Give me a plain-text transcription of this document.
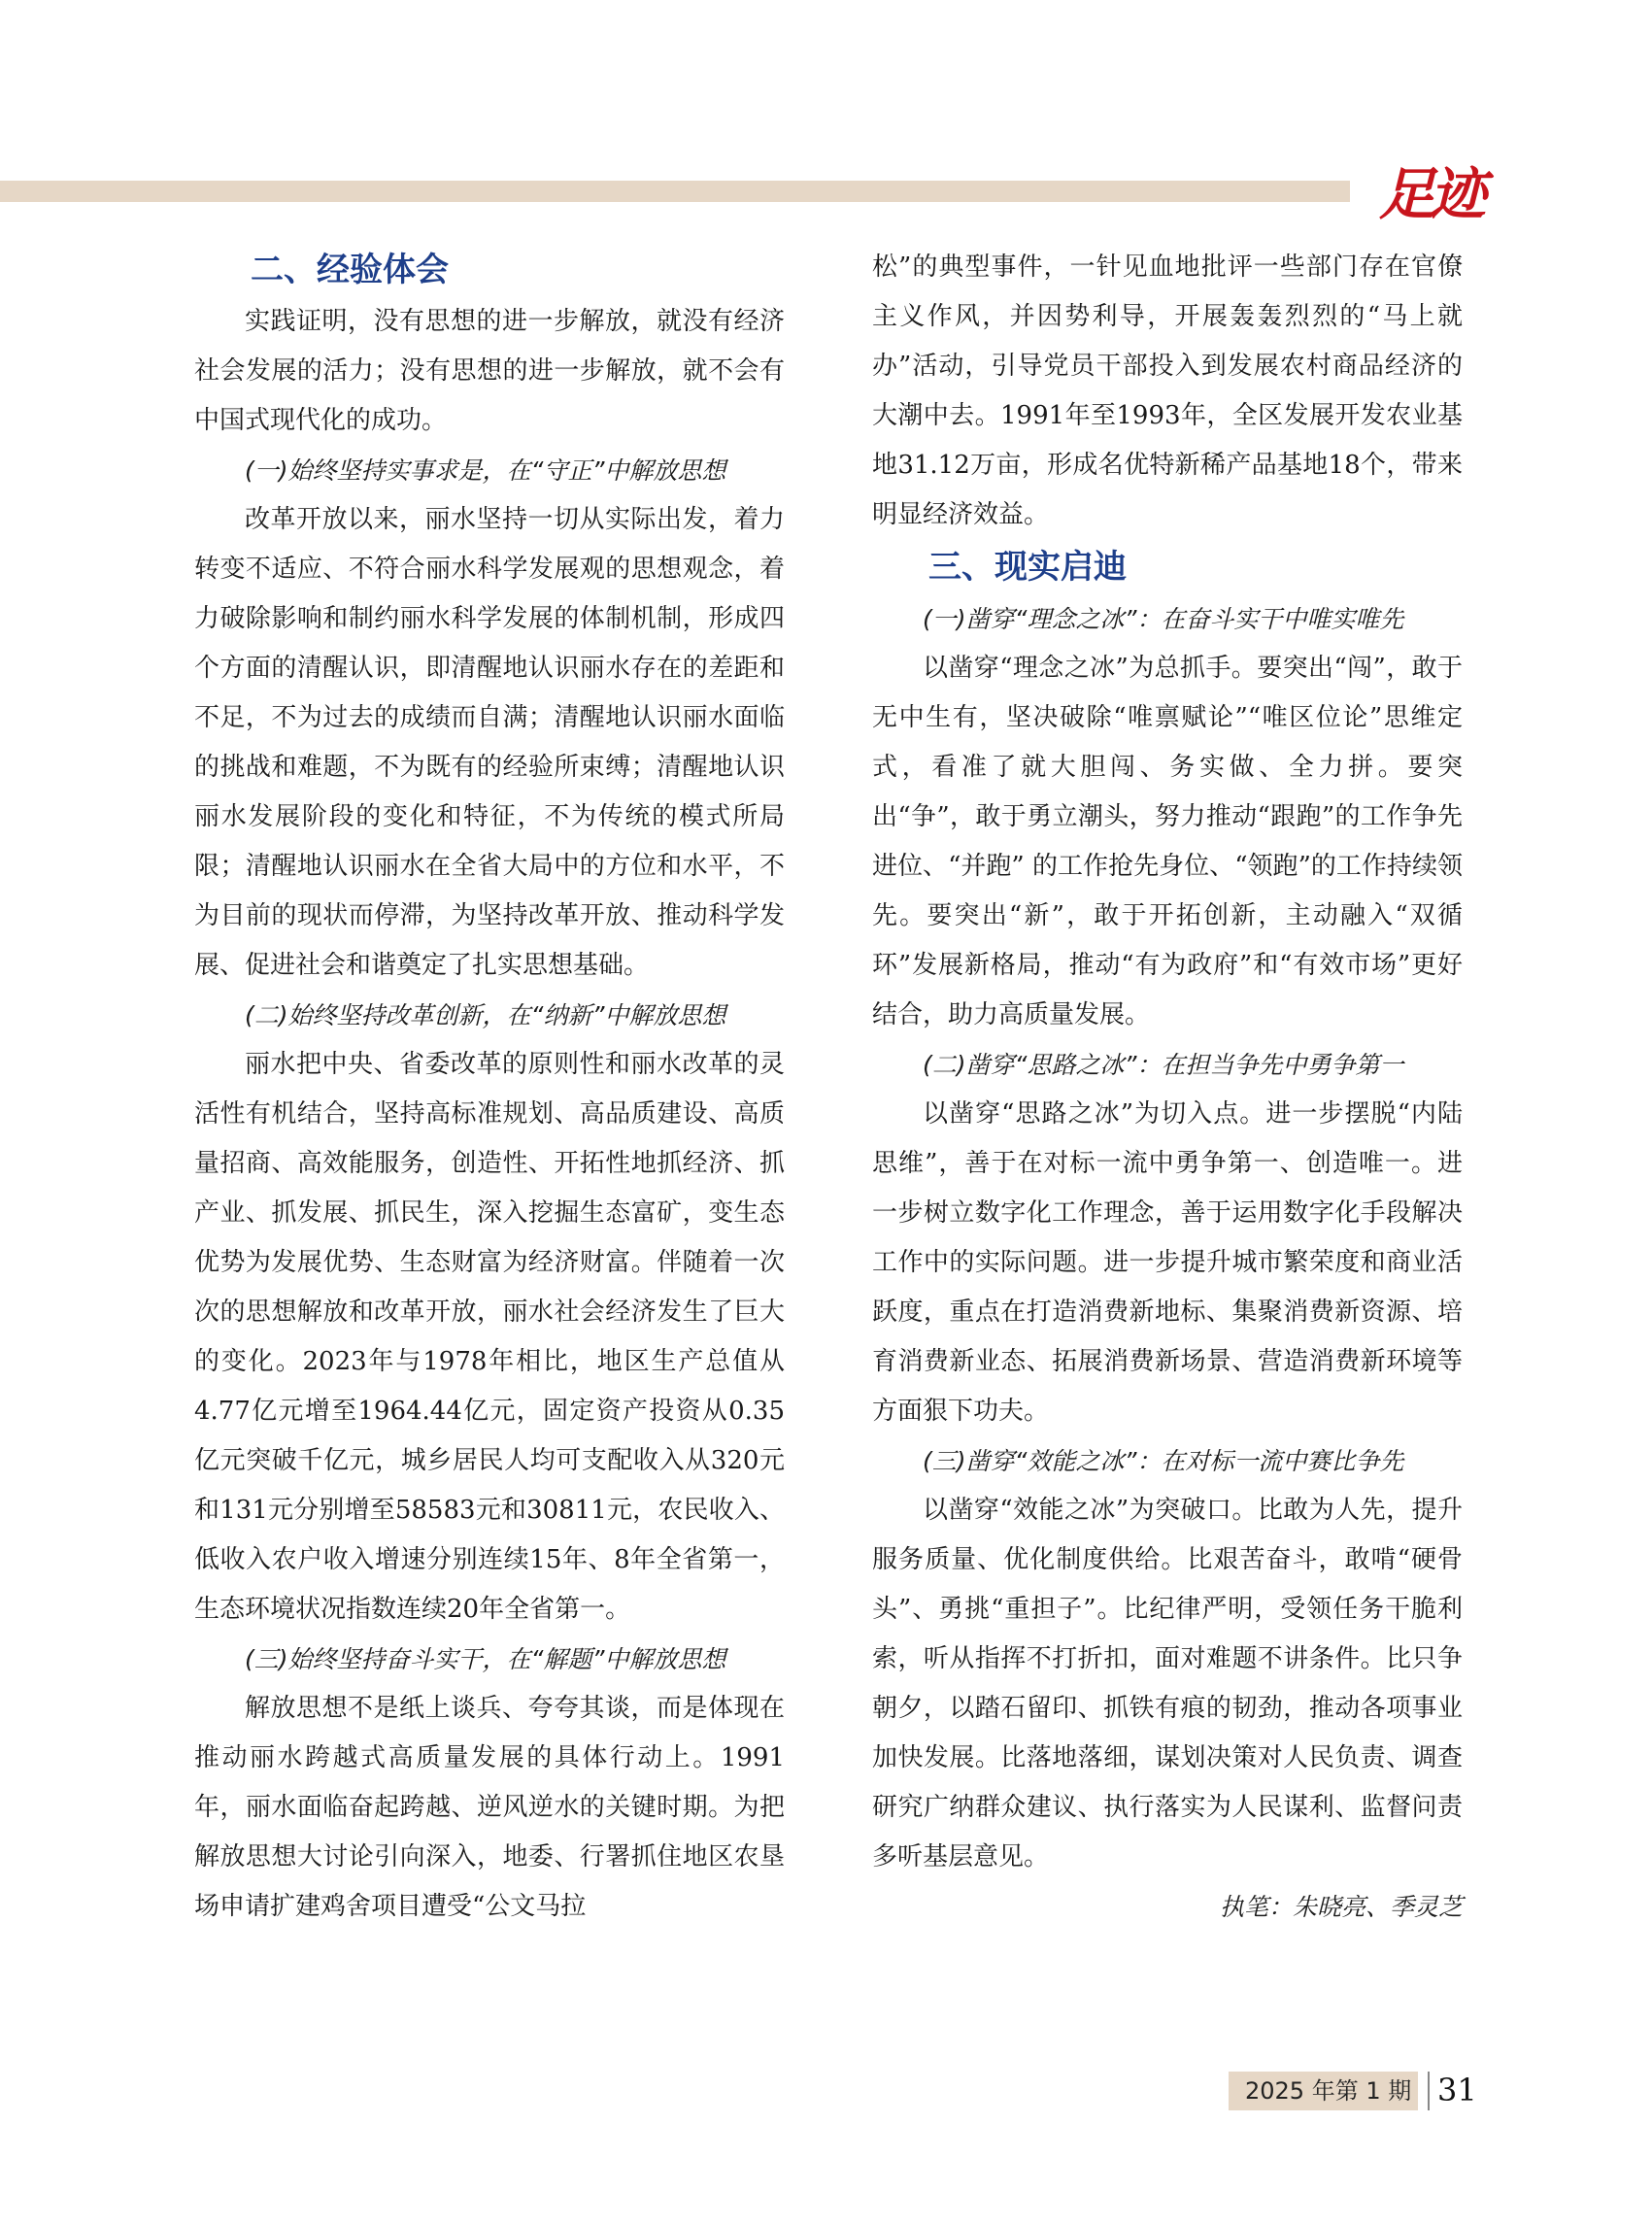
足迹
二、经验体会

实践证明，没有思想的进一步解放，就没有经济社会发展的活力；没有思想的进一步解放，就不会有中国式现代化的成功。

(一)始终坚持实事求是，在“守正”中解放思想

改革开放以来，丽水坚持一切从实际出发，着力转变不适应、不符合丽水科学发展观的思想观念，着力破除影响和制约丽水科学发展的体制机制，形成四个方面的清醒认识，即清醒地认识丽水存在的差距和不足，不为过去的成绩而自满；清醒地认识丽水面临的挑战和难题，不为既有的经验所束缚；清醒地认识丽水发展阶段的变化和特征，不为传统的模式所局限；清醒地认识丽水在全省大局中的方位和水平，不为目前的现状而停滞，为坚持改革开放、推动科学发展、促进社会和谐奠定了扎实思想基础。

(二)始终坚持改革创新，在“纳新”中解放思想

丽水把中央、省委改革的原则性和丽水改革的灵活性有机结合，坚持高标准规划、高品质建设、高质量招商、高效能服务，创造性、开拓性地抓经济、抓产业、抓发展、抓民生，深入挖掘生态富矿，变生态优势为发展优势、生态财富为经济财富。伴随着一次次的思想解放和改革开放，丽水社会经济发生了巨大的变化。2023年与1978年相比，地区生产总值从4.77亿元增至1964.44亿元，固定资产投资从0.35亿元突破千亿元，城乡居民人均可支配收入从320元和131元分别增至58583元和30811元，农民收入、低收入农户收入增速分别连续15年、8年全省第一，生态环境状况指数连续20年全省第一。

(三)始终坚持奋斗实干，在“解题”中解放思想

解放思想不是纸上谈兵、夸夸其谈，而是体现在推动丽水跨越式高质量发展的具体行动上。1991年，丽水面临奋起跨越、逆风逆水的关键时期。为把解放思想大讨论引向深入，地委、行署抓住地区农垦场申请扩建鸡舍项目遭受“公文马拉

松”的典型事件，一针见血地批评一些部门存在官僚主义作风，并因势利导，开展轰轰烈烈的“马上就办”活动，引导党员干部投入到发展农村商品经济的大潮中去。1991年至1993年，全区发展开发农业基地31.12万亩，形成名优特新稀产品基地18个，带来明显经济效益。

三、现实启迪
(一)凿穿“理念之冰”：在奋斗实干中唯实唯先

以凿穿“理念之冰”为总抓手。要突出“闯”，敢于无中生有，坚决破除“唯禀赋论”“唯区位论”思维定式，看准了就大胆闯、务实做、全力拼。要突出“争”，敢于勇立潮头，努力推动“跟跑”的工作争先进位、“并跑” 的工作抢先身位、“领跑”的工作持续领先。要突出“新”，敢于开拓创新，主动融入“双循环”发展新格局，推动“有为政府”和“有效市场”更好结合，助力高质量发展。

(二)凿穿“思路之冰”：在担当争先中勇争第一

以凿穿“思路之冰”为切入点。进一步摆脱“内陆思维”，善于在对标一流中勇争第一、创造唯一。进一步树立数字化工作理念，善于运用数字化手段解决工作中的实际问题。进一步提升城市繁荣度和商业活跃度，重点在打造消费新地标、集聚消费新资源、培育消费新业态、拓展消费新场景、营造消费新环境等方面狠下功夫。

(三)凿穿“效能之冰”：在对标一流中赛比争先

以凿穿“效能之冰”为突破口。比敢为人先，提升服务质量、优化制度供给。比艰苦奋斗，敢啃“硬骨头”、勇挑“重担子”。比纪律严明，受领任务干脆利索，听从指挥不打折扣，面对难题不讲条件。比只争朝夕，以踏石留印、抓铁有痕的韧劲，推动各项事业加快发展。比落地落细，谋划决策对人民负责、调查研究广纳群众建议、执行落实为人民谋利、监督问责多听基层意见。

执笔：朱晓亮、季灵芝
2025 年第 1 期 31
